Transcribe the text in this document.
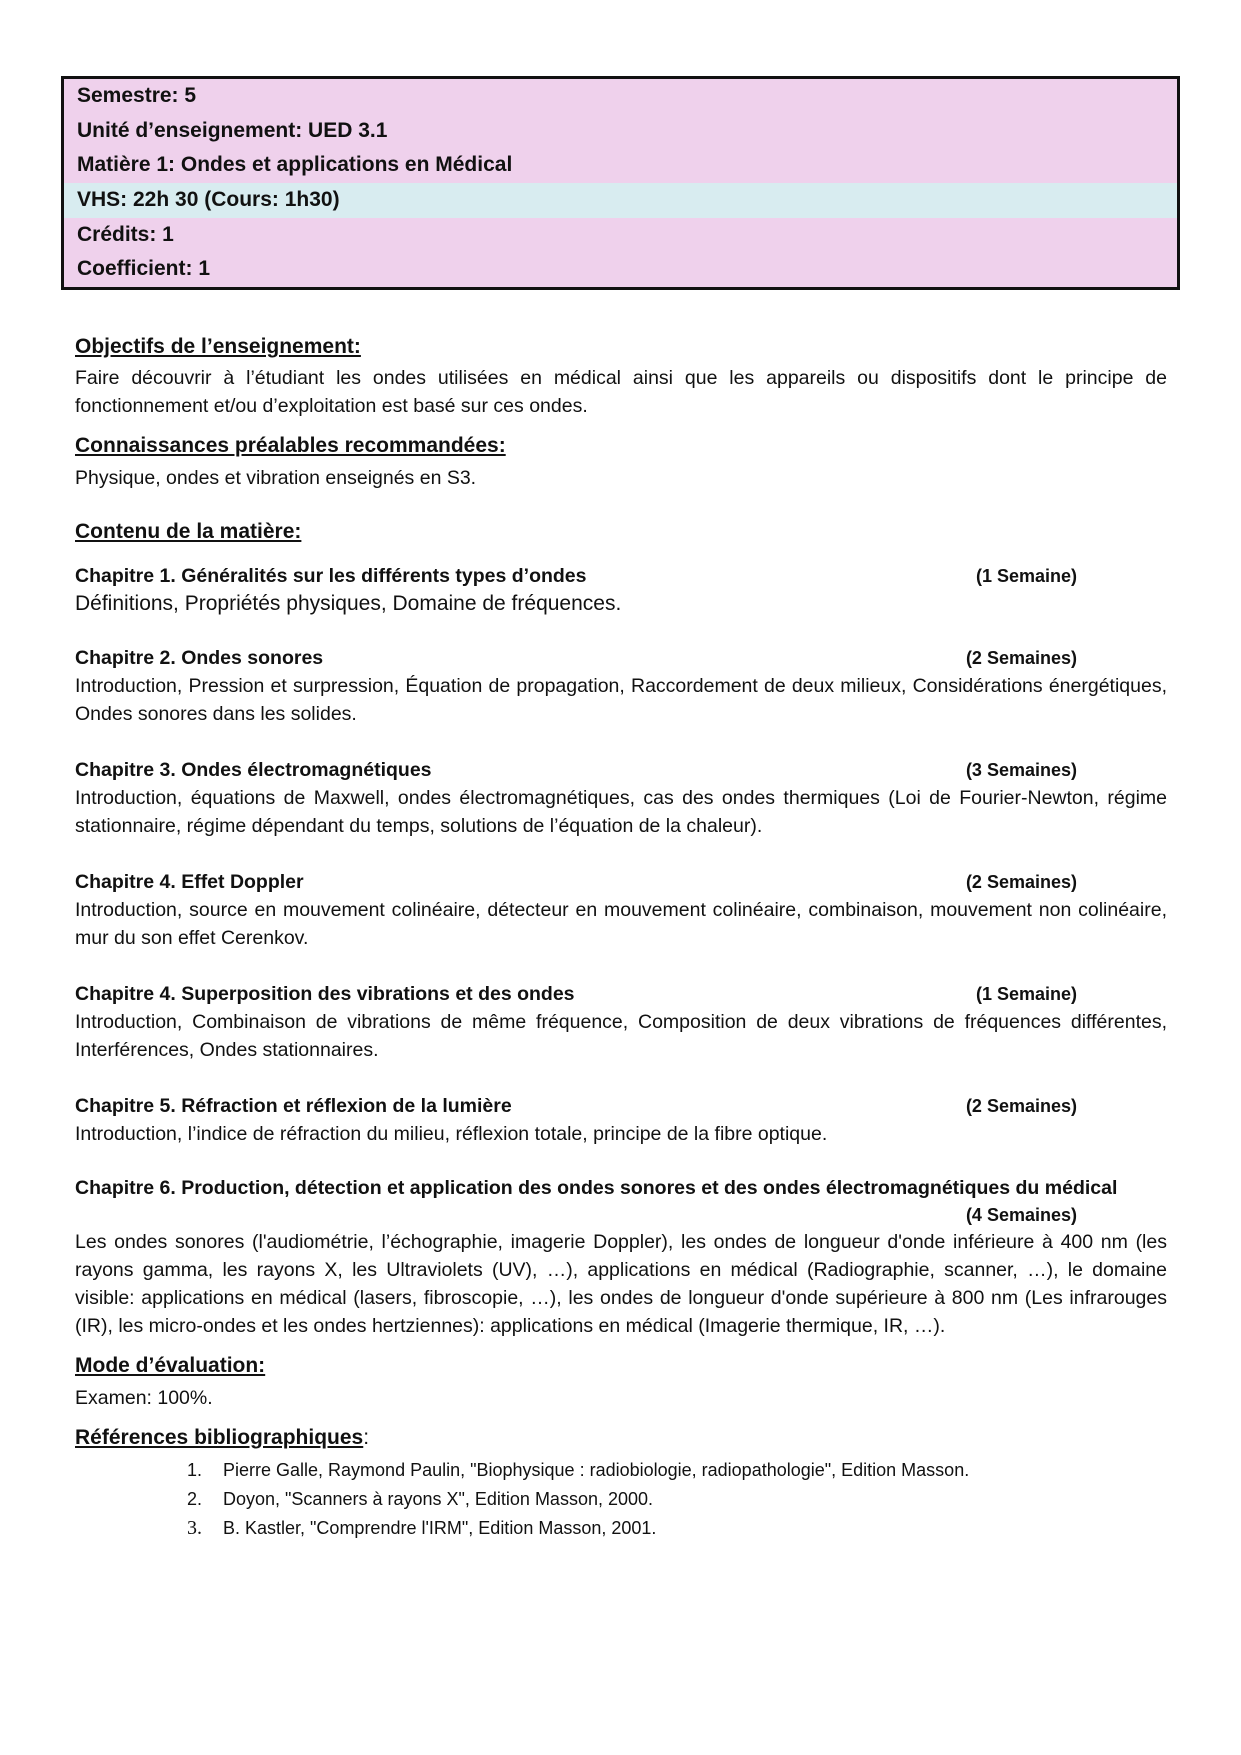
Semestre: 5
Unité d’enseignement: UED 3.1
Matière 1: Ondes et applications en Médical
VHS: 22h 30 (Cours: 1h30)
Crédits: 1
Coefficient: 1
Objectifs de l’enseignement:

Faire découvrir à l’étudiant les ondes utilisées en médical ainsi que les appareils ou dispositifs dont le principe de fonctionnement et/ou d’exploitation est basé sur ces ondes.

Connaissances préalables recommandées:

Physique, ondes et vibration enseignés en S3.

Contenu de la matière:
Chapitre 1. Généralités sur les différents types d’ondes	(1 Semaine)

Définitions, Propriétés physiques, Domaine de fréquences.

Chapitre 2. Ondes sonores	(2 Semaines)

Introduction, Pression et surpression, Équation de propagation, Raccordement de deux milieux, Considérations énergétiques, Ondes sonores dans les solides.

Chapitre 3. Ondes électromagnétiques	(3 Semaines)

Introduction, équations de Maxwell, ondes électromagnétiques, cas des ondes thermiques (Loi de Fourier-Newton, régime stationnaire, régime dépendant du temps, solutions de l’équation de la chaleur).

Chapitre 4. Effet Doppler	(2 Semaines)

Introduction, source en mouvement colinéaire, détecteur en mouvement colinéaire, combinaison, mouvement non colinéaire, mur du son effet Cerenkov.

Chapitre 4. Superposition des vibrations et des ondes	(1 Semaine)

Introduction, Combinaison de vibrations de même fréquence, Composition de deux vibrations de fréquences différentes, Interférences, Ondes stationnaires.

Chapitre 5. Réfraction et réflexion de la lumière	(2 Semaines)

Introduction, l’indice de réfraction du milieu, réflexion totale, principe de la fibre optique.

Chapitre 6. Production, détection et application des ondes sonores et des ondes électromagnétiques du médical
(4 Semaines)

Les ondes sonores (l'audiométrie, l’échographie, imagerie Doppler), les ondes de longueur d'onde inférieure à 400 nm (les rayons gamma, les rayons X, les Ultraviolets (UV), …), applications en médical (Radiographie, scanner, …), le domaine visible: applications en médical (lasers, fibroscopie, …), les ondes de longueur d'onde supérieure à 800 nm (Les infrarouges (IR), les micro-ondes et les ondes hertziennes): applications en médical (Imagerie thermique, IR, …).

Mode d’évaluation:

Examen: 100%.

Références bibliographiques:
1.	Pierre Galle, Raymond Paulin, "Biophysique : radiobiologie, radiopathologie", Edition Masson.
2.	Doyon, "Scanners à rayons X", Edition Masson, 2000.
3.	B. Kastler, "Comprendre l'IRM", Edition Masson, 2001.
